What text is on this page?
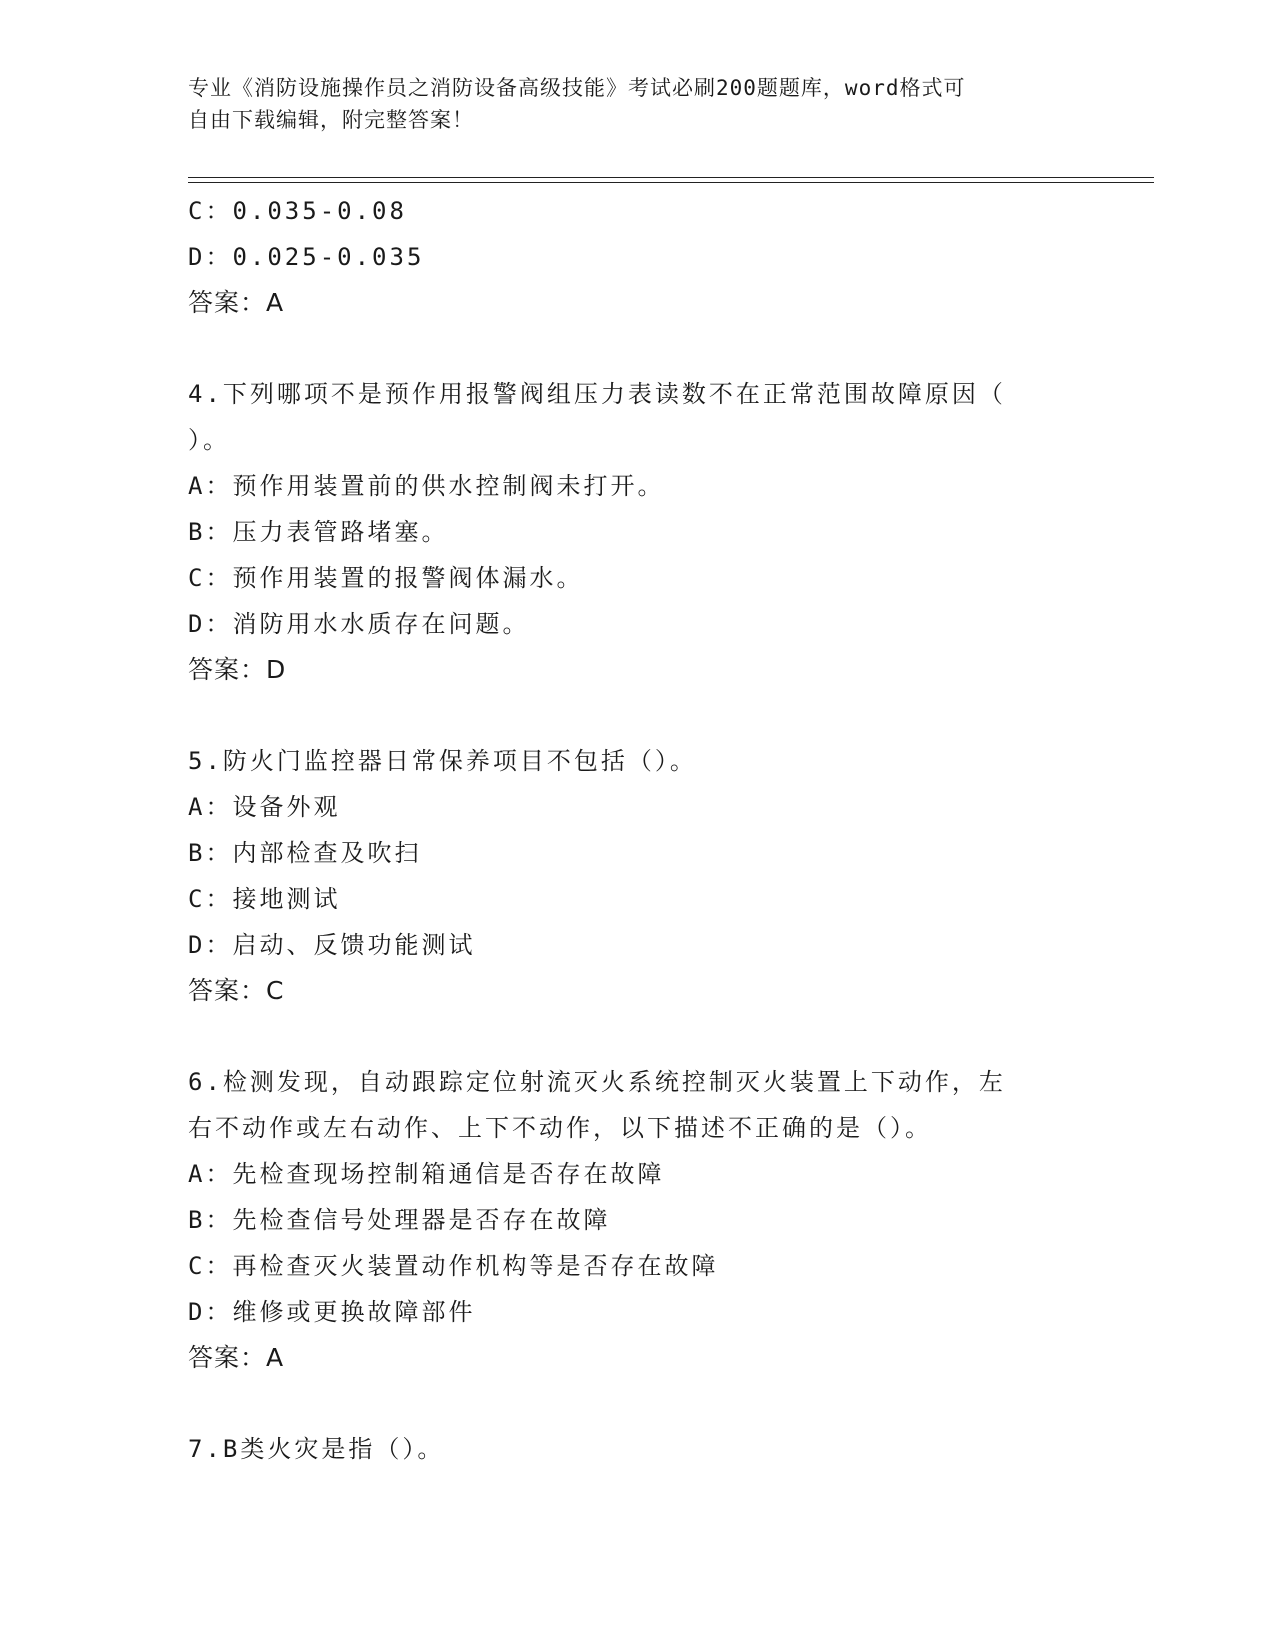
专业《消防设施操作员之消防设备高级技能》考试必刷200题题库，word格式可
自由下载编辑，附完整答案！
C：0.035-0.08
D：0.025-0.035
答案：A
4.下列哪项不是预作用报警阀组压力表读数不在正常范围故障原因（
）。
A：预作用装置前的供水控制阀未打开。
B：压力表管路堵塞。
C：预作用装置的报警阀体漏水。
D：消防用水水质存在问题。
答案：D
5.防火门监控器日常保养项目不包括（）。
A：设备外观
B：内部检查及吹扫
C：接地测试
D：启动、反馈功能测试
答案：C
6.检测发现，自动跟踪定位射流灭火系统控制灭火装置上下动作，左
右不动作或左右动作、上下不动作，以下描述不正确的是（）。
A：先检查现场控制箱通信是否存在故障
B：先检查信号处理器是否存在故障
C：再检查灭火装置动作机构等是否存在故障
D：维修或更换故障部件
答案：A
7.B类火灾是指（）。
